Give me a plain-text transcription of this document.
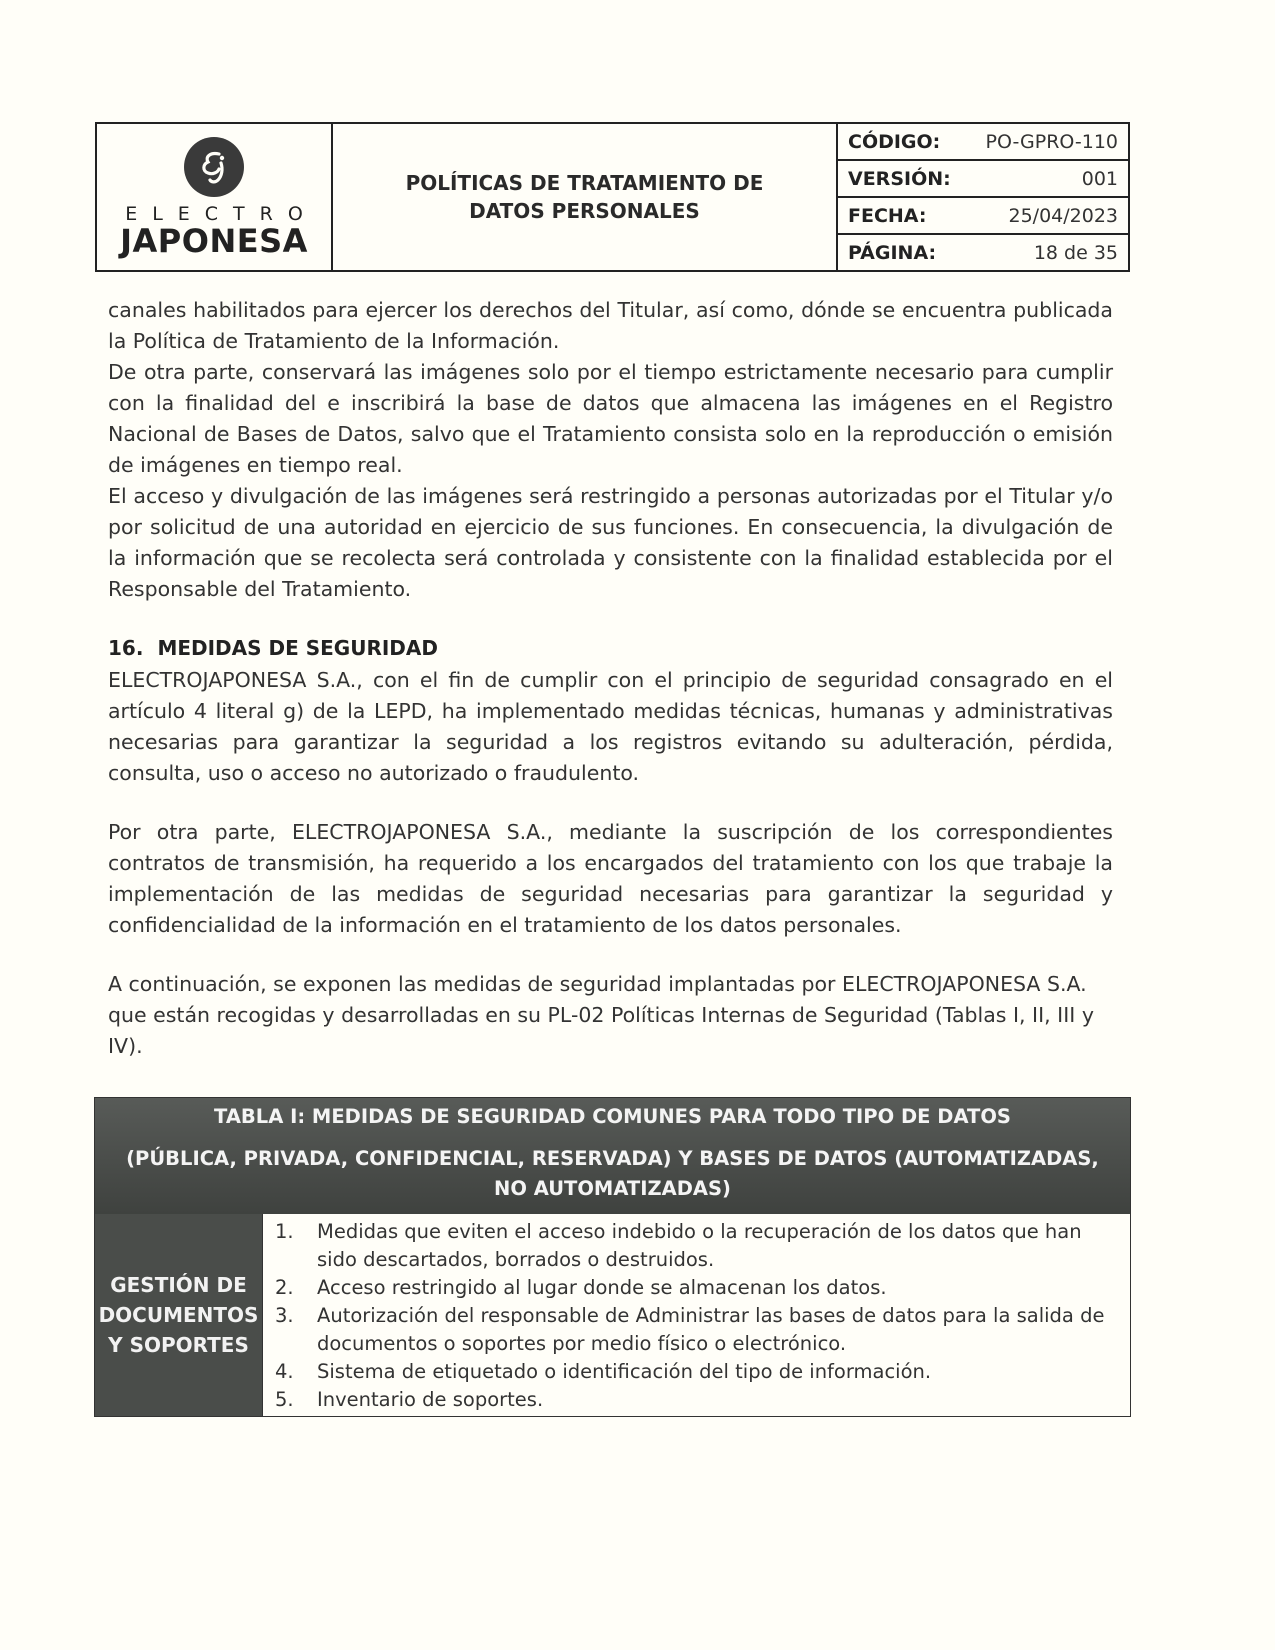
ELECTRO
JAPONESA
POLÍTICAS DE TRATAMIENTO DE DATOS PERSONALES
CÓDIGO: PO-GPRO-110
VERSIÓN:	001
FECHA:	25/04/2023
PÁGINA:	18 de 35

canales habilitados para ejercer los derechos del Titular, así como, dónde se encuentra publicada la Política de Tratamiento de la Información.

De otra parte, conservará las imágenes solo por el tiempo estrictamente necesario para cumplir con la finalidad del e inscribirá la base de datos que almacena las imágenes en el Registro Nacional de Bases de Datos, salvo que el Tratamiento consista solo en la reproducción o emisión de imágenes en tiempo real.

El acceso y divulgación de las imágenes será restringido a personas autorizadas por el Titular y/o por solicitud de una autoridad en ejercicio de sus funciones. En consecuencia, la divulgación de la información que se recolecta será controlada y consistente con la finalidad establecida por el Responsable del Tratamiento.

16. MEDIDAS DE SEGURIDAD

ELECTROJAPONESA S.A., con el fin de cumplir con el principio de seguridad consagrado en el artículo 4 literal g) de la LEPD, ha implementado medidas técnicas, humanas y administrativas necesarias para garantizar la seguridad a los registros evitando su adulteración, pérdida, consulta, uso o acceso no autorizado o fraudulento.

Por otra parte, ELECTROJAPONESA S.A., mediante la suscripción de los correspondientes contratos de transmisión, ha requerido a los encargados del tratamiento con los que trabaje la implementación de las medidas de seguridad necesarias para garantizar la seguridad y confidencialidad de la información en el tratamiento de los datos personales.

A continuación, se exponen las medidas de seguridad implantadas por ELECTROJAPONESA S.A. que están recogidas y desarrolladas en su PL-02 Políticas Internas de Seguridad (Tablas I, II, III y IV).

TABLA I: MEDIDAS DE SEGURIDAD COMUNES PARA TODO TIPO DE DATOS
(PÚBLICA, PRIVADA, CONFIDENCIAL, RESERVADA) Y BASES DE DATOS (AUTOMATIZADAS, NO AUTOMATIZADAS)
GESTIÓN DE
DOCUMENTOS
Y SOPORTES
1.	Medidas que eviten el acceso indebido o la recuperación de los datos que han sido descartados, borrados o destruidos.
2.	Acceso restringido al lugar donde se almacenan los datos.
3.	Autorización del responsable de Administrar las bases de datos para la salida de documentos o soportes por medio físico o electrónico.
4.	Sistema de etiquetado o identificación del tipo de información.
5.	Inventario de soportes.
